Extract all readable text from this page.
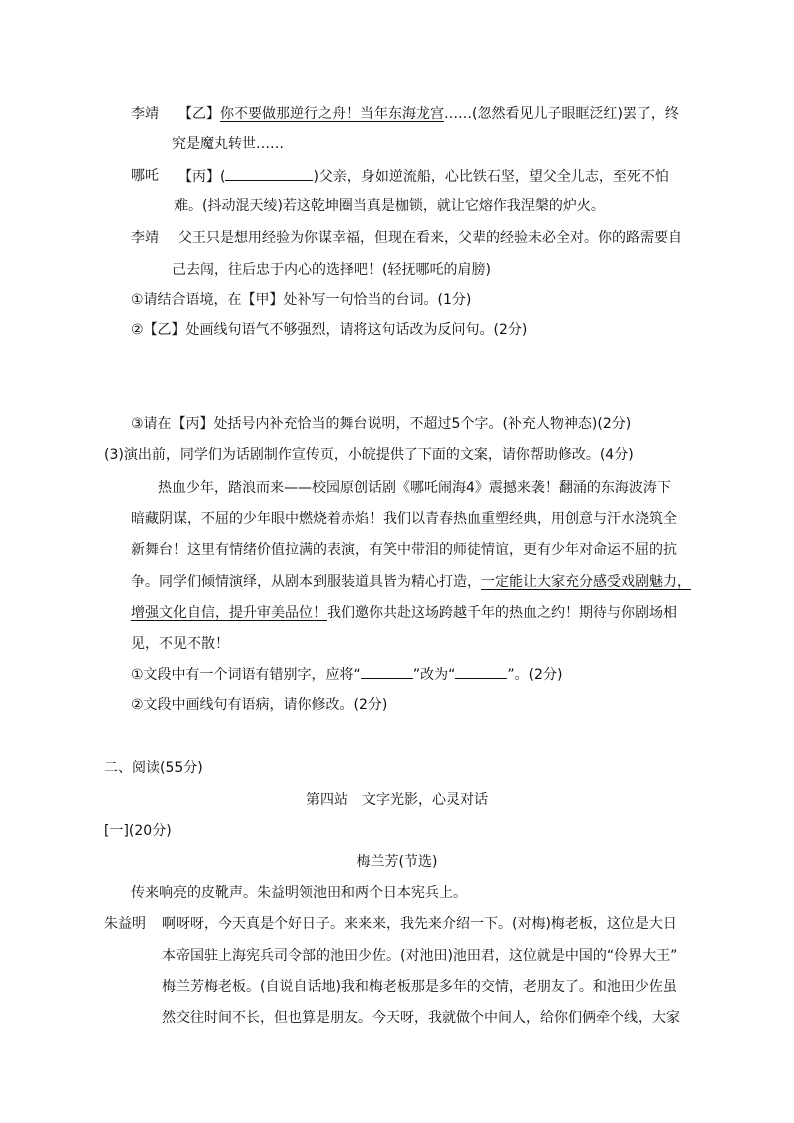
李靖 【乙】你不要做那逆行之舟！当年东海龙宫……(忽然看见儿子眼眶泛红)罢了，终
究是魔丸转世……
哪吒 【丙】(	)父亲，身如逆流船，心比铁石坚，望父全儿志，至死不怕
难。(抖动混天绫)若这乾坤圈当真是枷锁，就让它熔作我涅槃的炉火。
李靖 父王只是想用经验为你谋幸福，但现在看来，父辈的经验未必全对。你的路需要自
己去闯，往后忠于内心的选择吧！(轻抚哪吒的肩膀)
①请结合语境，在【甲】处补写一句恰当的台词。(1分)
②【乙】处画线句语气不够强烈，请将这句话改为反问句。(2分)
③请在【丙】处括号内补充恰当的舞台说明，不超过5个字。(补充人物神态)(2分)
(3)演出前，同学们为话剧制作宣传页，小皖提供了下面的文案，请你帮助修改。(4分)
热血少年，踏浪而来——校园原创话剧《哪吒闹海4》震撼来袭！翻涌的东海波涛下
暗藏阴谋，不屈的少年眼中燃烧着赤焰！我们以青春热血重塑经典，用创意与汗水浇筑全
新舞台！这里有情绪价值拉满的表演，有笑中带泪的师徒情谊，更有少年对命运不屈的抗
争。同学们倾情演绎，从剧本到服装道具皆为精心打造，一定能让大家充分感受戏剧魅力，
增强文化自信，提升审美品位！我们邀你共赴这场跨越千年的热血之约！期待与你剧场相
见，不见不散！
①文段中有一个词语有错别字，应将“	”改为“	”。(2分)
②文段中画线句有语病，请你修改。(2分)
二、阅读(55分)
第四站　文字光影，心灵对话
[一](20分)
梅兰芳(节选)
传来响亮的皮靴声。朱益明领池田和两个日本宪兵上。
朱益明 啊呀呀，今天真是个好日子。来来来，我先来介绍一下。(对梅)梅老板，这位是大日
本帝国驻上海宪兵司令部的池田少佐。(对池田)池田君，这位就是中国的“伶界大王”
梅兰芳梅老板。(自说自话地)我和梅老板那是多年的交情，老朋友了。和池田少佐虽
然交往时间不长，但也算是朋友。今天呀，我就做个中间人，给你们俩牵个线，大家
